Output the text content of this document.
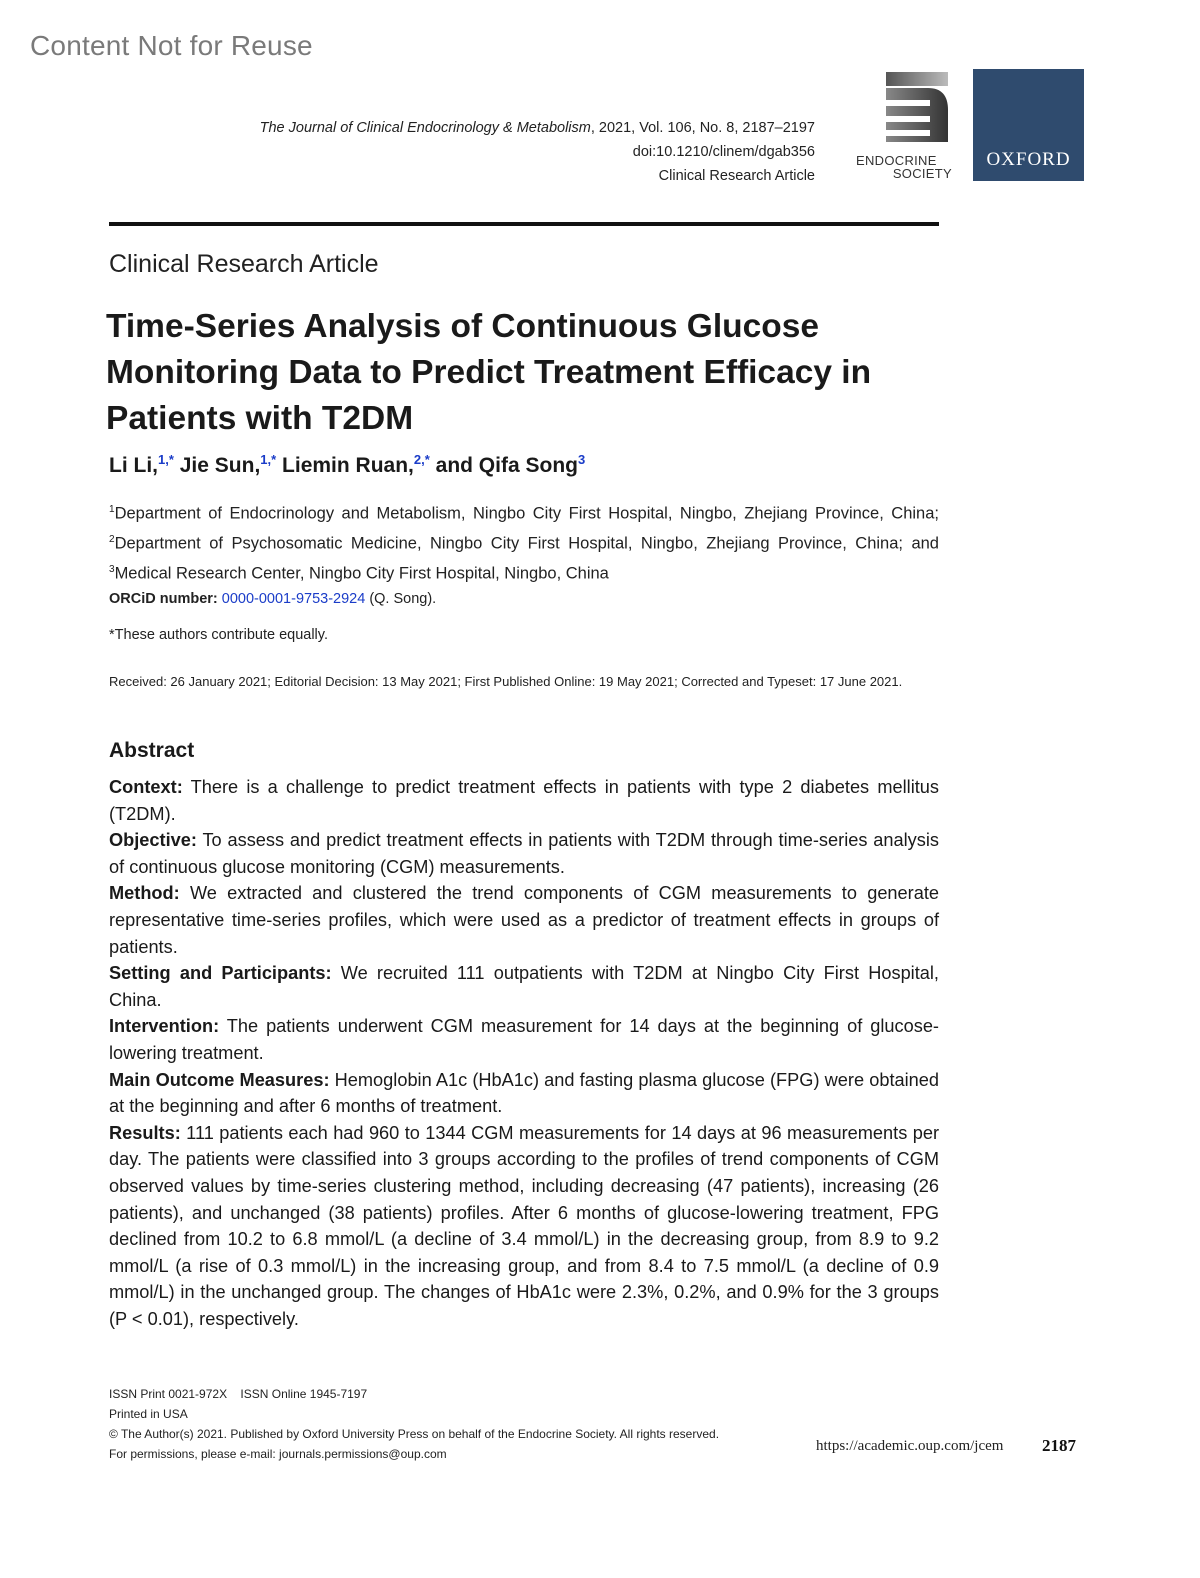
Content Not for Reuse
The Journal of Clinical Endocrinology & Metabolism, 2021, Vol. 106, No. 8, 2187–2197
doi:10.1210/clinem/dgab356
Clinical Research Article
ENDOCRINE
SOCIETY
OXFORD
Clinical Research Article
Time-Series Analysis of Continuous Glucose Monitoring Data to Predict Treatment Efficacy in Patients with T2DM
Li Li,$^{1,*}$ Jie Sun,$^{1,*}$ Liemin Ruan,$^{2,*}$ and Qifa Song$^3$
$^1$Department of Endocrinology and Metabolism, Ningbo City First Hospital, Ningbo, Zhejiang Province, China; $^2$Department of Psychosomatic Medicine, Ningbo City First Hospital, Ningbo, Zhejiang Province, China; and $^3$Medical Research Center, Ningbo City First Hospital, Ningbo, China
ORCiD number: 0000-0001-9753-2924 (Q. Song).
*These authors contribute equally.
Received: 26 January 2021; Editorial Decision: 13 May 2021; First Published Online: 19 May 2021; Corrected and Typeset: 17 June 2021.
Abstract

Context: There is a challenge to predict treatment effects in patients with type 2 diabetes mellitus (T2DM).

Objective: To assess and predict treatment effects in patients with T2DM through time-series analysis of continuous glucose monitoring (CGM) measurements.

Method: We extracted and clustered the trend components of CGM measurements to generate representative time-series profiles, which were used as a predictor of treatment effects in groups of patients.

Setting and Participants: We recruited 111 outpatients with T2DM at Ningbo City First Hospital, China.

Intervention: The patients underwent CGM measurement for 14 days at the beginning of glucose-lowering treatment.

Main Outcome Measures: Hemoglobin A1c (HbA1c) and fasting plasma glucose (FPG) were obtained at the beginning and after 6 months of treatment.

Results: 111 patients each had 960 to 1344 CGM measurements for 14 days at 96 measurements per day. The patients were classified into 3 groups according to the profiles of trend components of CGM observed values by time-series clustering method, including decreasing (47 patients), increasing (26 patients), and unchanged (38 patients) profiles. After 6 months of glucose-lowering treatment, FPG declined from 10.2 to 6.8 mmol/L (a decline of 3.4 mmol/L) in the decreasing group, from 8.9 to 9.2 mmol/L (a rise of 0.3 mmol/L) in the increasing group, and from 8.4 to 7.5 mmol/L (a decline of 0.9 mmol/L) in the unchanged group. The changes of HbA1c were 2.3%, 0.2%, and 0.9% for the 3 groups (P < 0.01), respectively.

ISSN Print 0021-972X    ISSN Online 1945-7197
Printed in USA
© The Author(s) 2021. Published by Oxford University Press on behalf of the Endocrine Society. All rights reserved.
For permissions, please e-mail: journals.permissions@oup.com	https://academic.oup.com/jcem 2187
